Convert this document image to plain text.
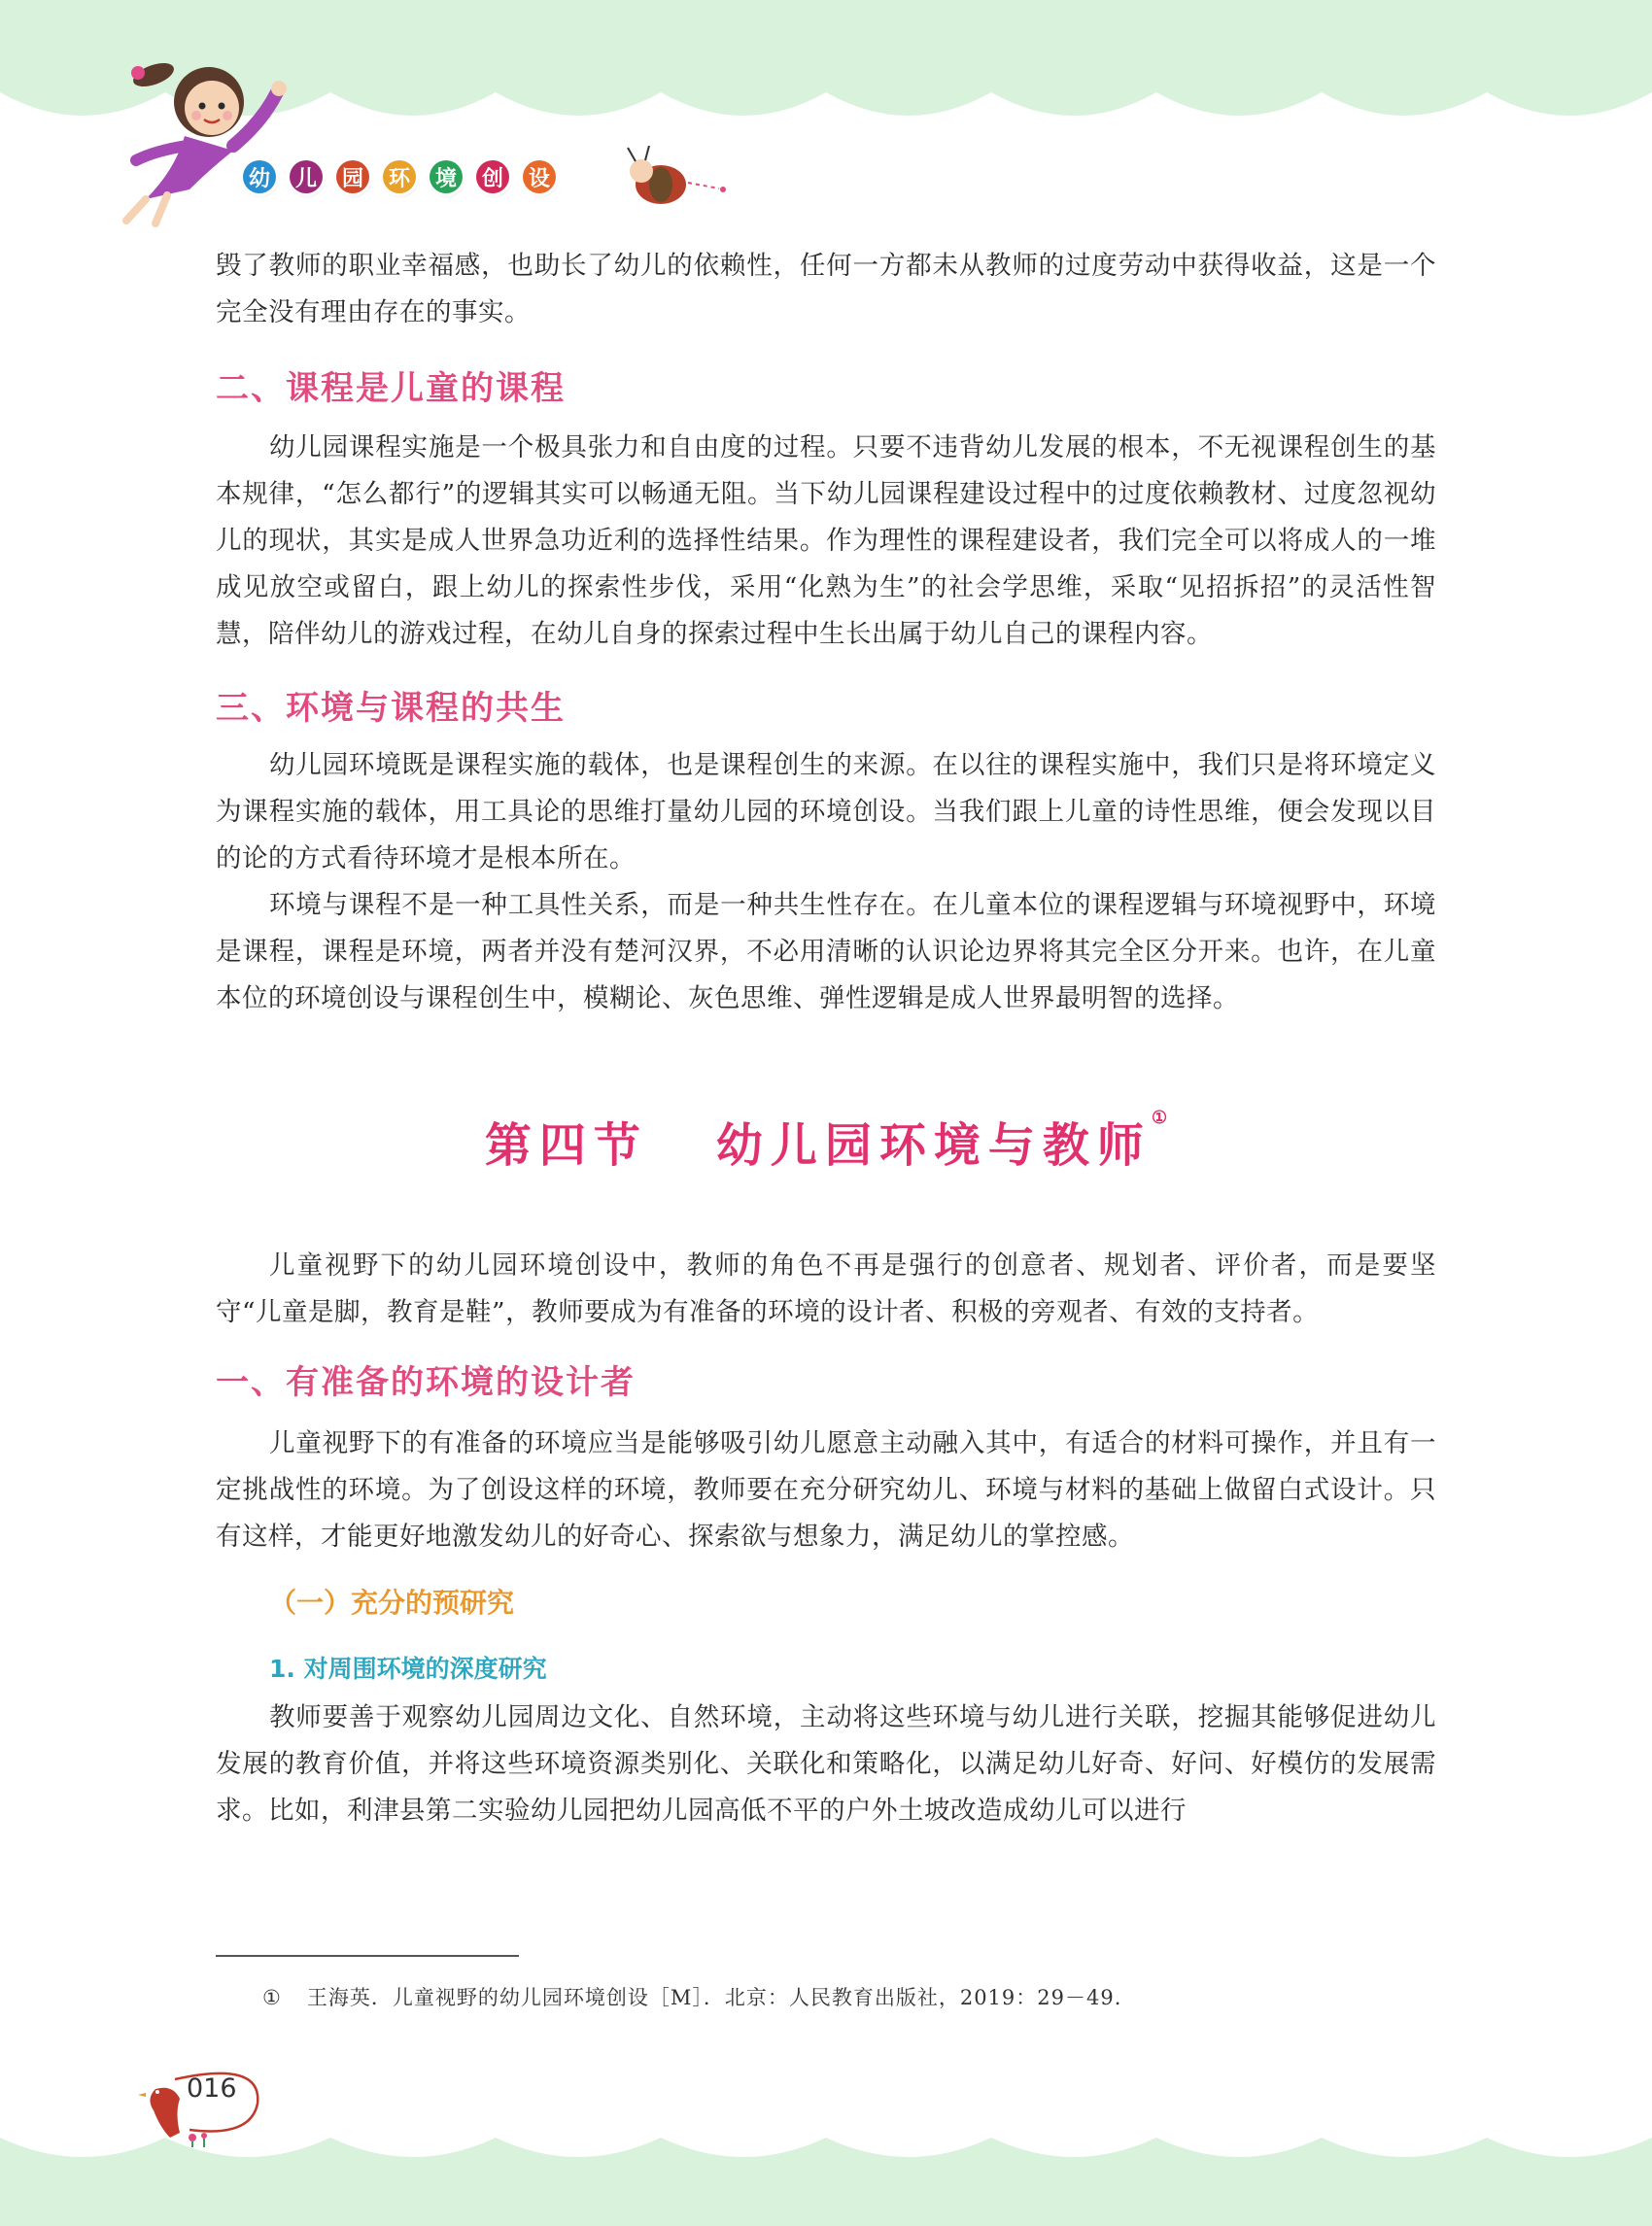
幼 儿 园 环 境 创 设

毁了教师的职业幸福感，也助长了幼儿的依赖性，任何一方都未从教师的过度劳动中获得收益，这是一个完全没有理由存在的事实。

二、课程是儿童的课程

幼儿园课程实施是一个极具张力和自由度的过程。只要不违背幼儿发展的根本，不无视课程创生的基本规律，“怎么都行”的逻辑其实可以畅通无阻。当下幼儿园课程建设过程中的过度依赖教材、过度忽视幼儿的现状，其实是成人世界急功近利的选择性结果。作为理性的课程建设者，我们完全可以将成人的一堆成见放空或留白，跟上幼儿的探索性步伐，采用“化熟为生”的社会学思维，采取“见招拆招”的灵活性智慧，陪伴幼儿的游戏过程，在幼儿自身的探索过程中生长出属于幼儿自己的课程内容。

三、环境与课程的共生

幼儿园环境既是课程实施的载体，也是课程创生的来源。在以往的课程实施中，我们只是将环境定义为课程实施的载体，用工具论的思维打量幼儿园的环境创设。当我们跟上儿童的诗性思维，便会发现以目的论的方式看待环境才是根本所在。

环境与课程不是一种工具性关系，而是一种共生性存在。在儿童本位的课程逻辑与环境视野中，环境是课程，课程是环境，两者并没有楚河汉界，不必用清晰的认识论边界将其完全区分开来。也许，在儿童本位的环境创设与课程创生中，模糊论、灰色思维、弹性逻辑是成人世界最明智的选择。

第四节 幼儿园环境与教师①

儿童视野下的幼儿园环境创设中，教师的角色不再是强行的创意者、规划者、评价者，而是要坚守“儿童是脚，教育是鞋”，教师要成为有准备的环境的设计者、积极的旁观者、有效的支持者。

一、有准备的环境的设计者

儿童视野下的有准备的环境应当是能够吸引幼儿愿意主动融入其中，有适合的材料可操作，并且有一定挑战性的环境。为了创设这样的环境，教师要在充分研究幼儿、环境与材料的基础上做留白式设计。只有这样，才能更好地激发幼儿的好奇心、探索欲与想象力，满足幼儿的掌控感。

（一）充分的预研究
1. 对周围环境的深度研究

教师要善于观察幼儿园周边文化、自然环境，主动将这些环境与幼儿进行关联，挖掘其能够促进幼儿发展的教育价值，并将这些环境资源类别化、关联化和策略化，以满足幼儿好奇、好问、好模仿的发展需求。比如，利津县第二实验幼儿园把幼儿园高低不平的户外土坡改造成幼儿可以进行

① 王海英．儿童视野的幼儿园环境创设［M］．北京：人民教育出版社，2019：29－49.
016
